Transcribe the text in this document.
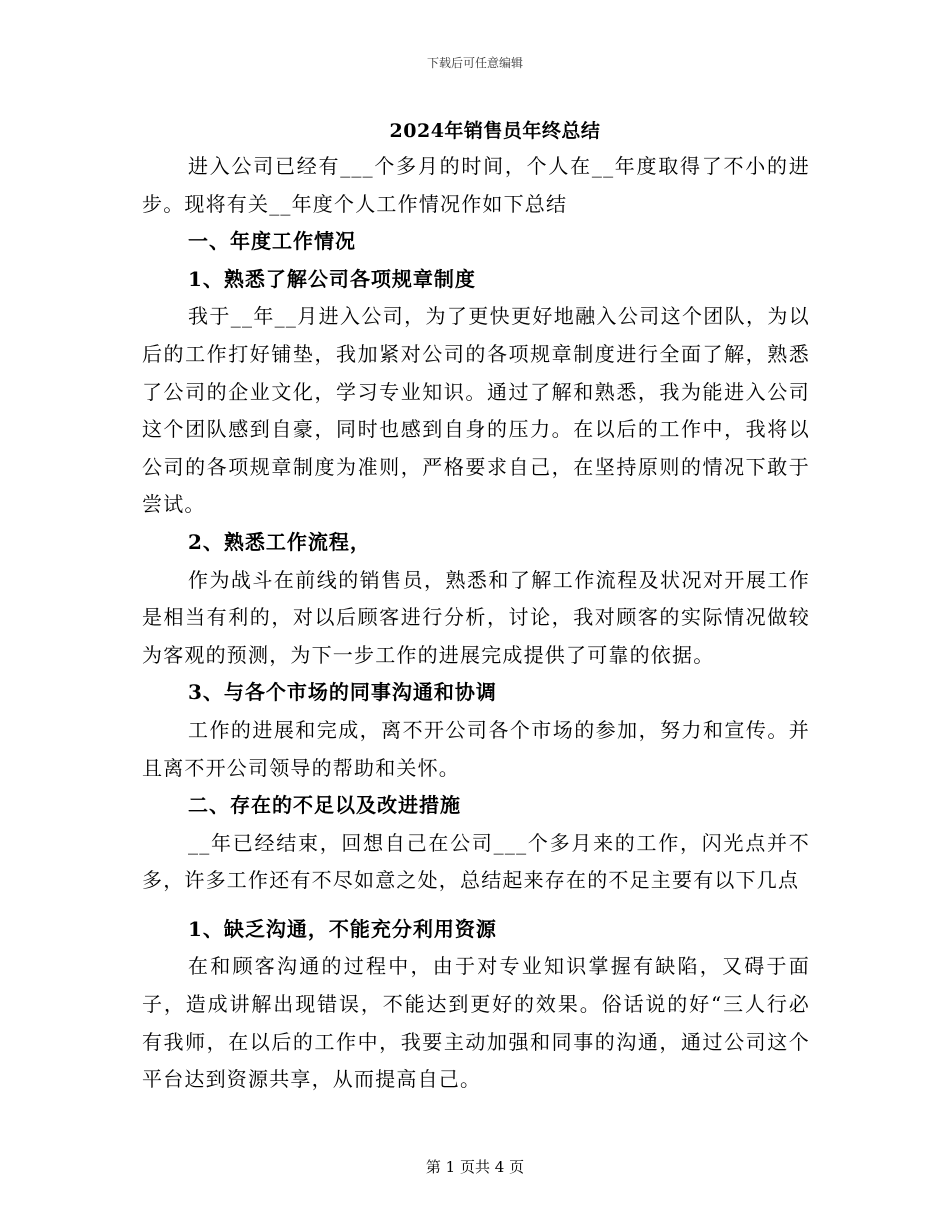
下载后可任意编辑
2024年销售员年终总结

进入公司已经有___个多月的时间，个人在__年度取得了不小的进步。现将有关__年度个人工作情况作如下总结

一、年度工作情况

1、熟悉了解公司各项规章制度

我于__年__月进入公司，为了更快更好地融入公司这个团队，为以后的工作打好铺垫，我加紧对公司的各项规章制度进行全面了解，熟悉了公司的企业文化，学习专业知识。通过了解和熟悉，我为能进入公司这个团队感到自豪，同时也感到自身的压力。在以后的工作中，我将以公司的各项规章制度为准则，严格要求自己，在坚持原则的情况下敢于尝试。

2、熟悉工作流程，

作为战斗在前线的销售员，熟悉和了解工作流程及状况对开展工作是相当有利的，对以后顾客进行分析，讨论，我对顾客的实际情况做较为客观的预测，为下一步工作的进展完成提供了可靠的依据。

3、与各个市场的同事沟通和协调

工作的进展和完成，离不开公司各个市场的参加，努力和宣传。并且离不开公司领导的帮助和关怀。

二、存在的不足以及改进措施

__年已经结束，回想自己在公司___个多月来的工作，闪光点并不多，许多工作还有不尽如意之处，总结起来存在的不足主要有以下几点

1、缺乏沟通，不能充分利用资源

在和顾客沟通的过程中，由于对专业知识掌握有缺陷，又碍于面子，造成讲解出现错误，不能达到更好的效果。俗话说的好“三人行必有我师，在以后的工作中，我要主动加强和同事的沟通，通过公司这个平台达到资源共享，从而提高自己。

第 1 页共 4 页
